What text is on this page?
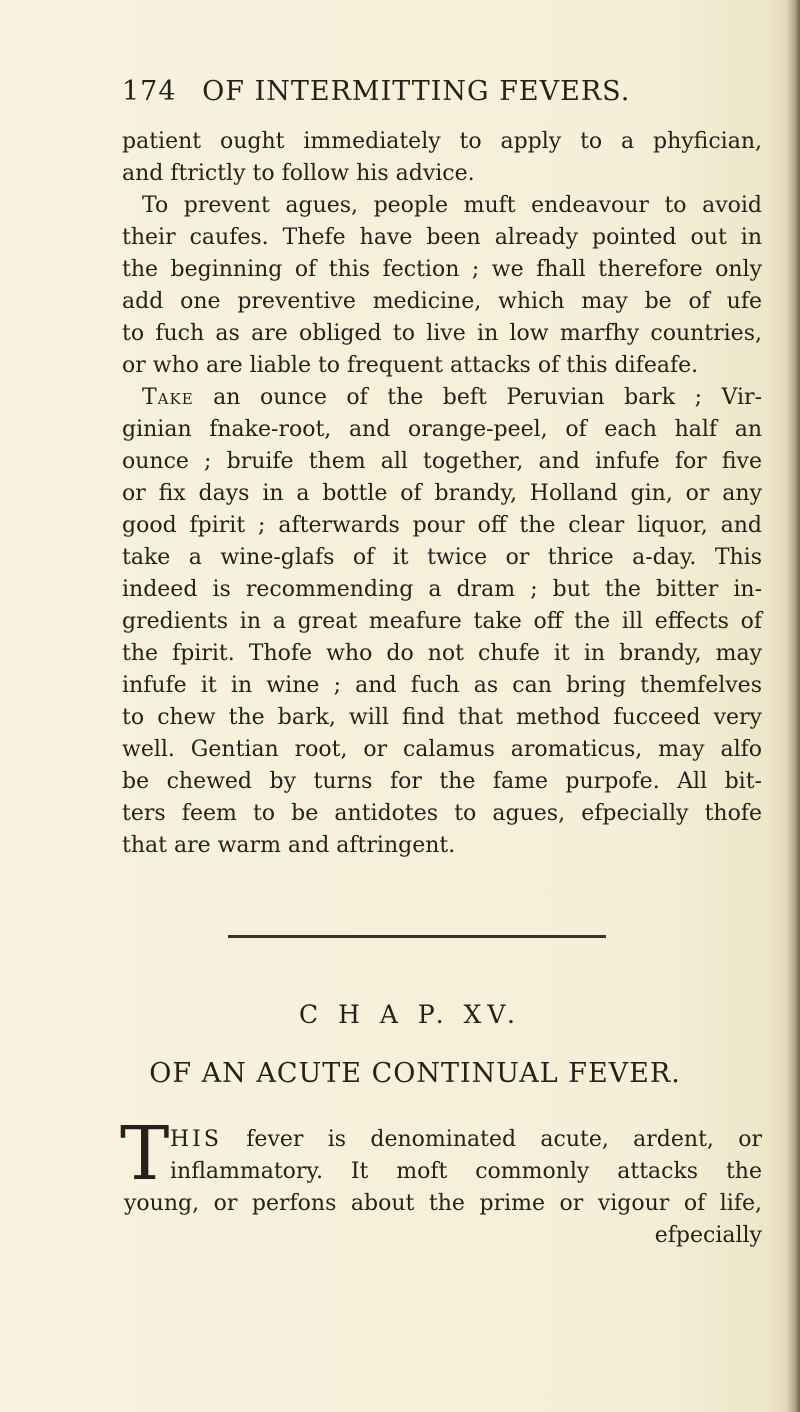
174 OF INTERMITTING FEVERS.
patient ought immediately to apply to a phyfician,
and ftrictly to follow his advice.
To prevent agues, people muft endeavour to avoid
their caufes. Thefe have been already pointed out in
the beginning of this fection ; we fhall therefore only
add one preventive medicine, which may be of ufe
to fuch as are obliged to live in low marfhy countries,
or who are liable to frequent attacks of this difeafe.
Take an ounce of the beft Peruvian bark ; Vir-
ginian fnake-root, and orange-peel, of each half an
ounce ; bruife them all together, and infufe for five
or fix days in a bottle of brandy, Holland gin, or any
good fpirit ; afterwards pour off the clear liquor, and
take a wine-glafs of it twice or thrice a-day. This
indeed is recommending a dram ; but the bitter in-
gredients in a great meafure take off the ill effects of
the fpirit. Thofe who do not chufe it in brandy, may
infufe it in wine ; and fuch as can bring themfelves
to chew the bark, will find that method fucceed very
well. Gentian root, or calamus aromaticus, may alfo
be chewed by turns for the fame purpofe. All bit-
ters feem to be antidotes to agues, efpecially thofe
that are warm and aftringent.
C H A P. XV.
OF AN ACUTE CONTINUAL FEVER.
T HIS fever is denominated acute, ardent, or
inflammatory. It moft commonly attacks the
young, or perfons about the prime or vigour of life,
efpecially
